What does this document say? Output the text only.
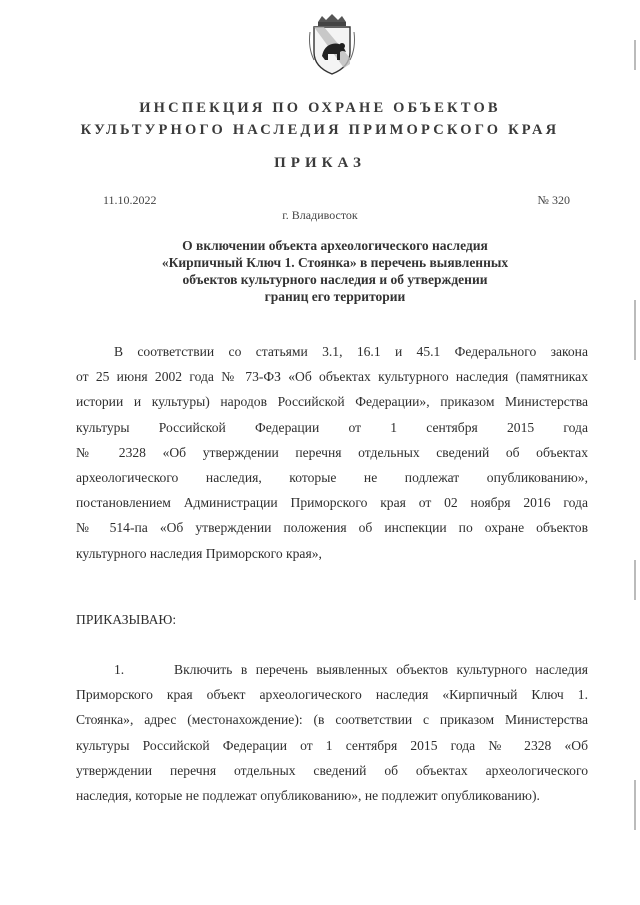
ИНСПЕКЦИЯ ПО ОХРАНЕ ОБЪЕКТОВ
КУЛЬТУРНОГО НАСЛЕДИЯ ПРИМОРСКОГО КРАЯ
ПРИКАЗ
11.10.2022	№ 320
г. Владивосток
О включении объекта археологического наследия
«Кирпичный Ключ 1. Стоянка» в перечень выявленных
объектов культурного наследия и об утверждении
границ его территории
В соответствии со статьями 3.1, 16.1 и 45.1 Федерального закона
от 25 июня 2002 года № 73-ФЗ «Об объектах культурного наследия (памятниках
истории и культуры) народов Российской Федерации», приказом Министерства
культуры Российской Федерации от 1 сентября 2015 года
№ 2328 «Об утверждении перечня отдельных сведений об объектах
археологического наследия, которые не подлежат опубликованию»,
постановлением Администрации Приморского края от 02 ноября 2016 года
№ 514-па «Об утверждении положения об инспекции по охране объектов
культурного наследия Приморского края»,
ПРИКАЗЫВАЮ:
1.	Включить в перечень выявленных объектов культурного наследия
Приморского края объект археологического наследия «Кирпичный Ключ 1.
Стоянка», адрес (местонахождение): (в соответствии с приказом Министерства
культуры Российской Федерации от 1 сентября 2015 года № 2328 «Об
утверждении перечня отдельных сведений об объектах археологического
наследия, которые не подлежат опубликованию», не подлежит опубликованию).
